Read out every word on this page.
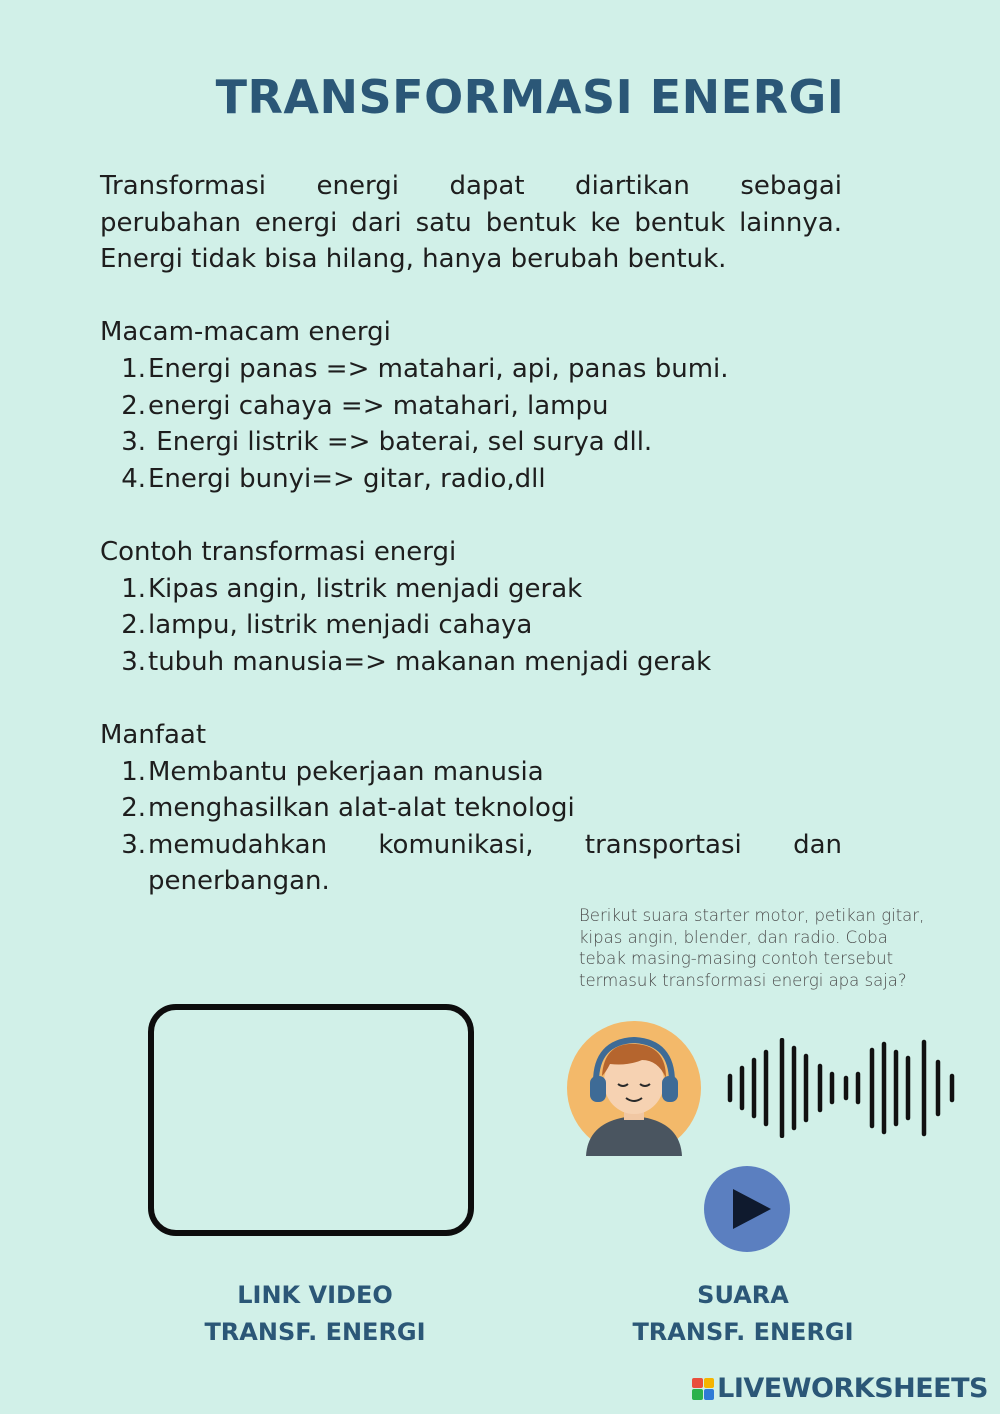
TRANSFORMASI ENERGI

Transformasi energi dapat diartikan sebagai
perubahan energi dari satu bentuk ke bentuk lainnya. Energi tidak bisa hilang, hanya berubah bentuk.

Macam-macam energi
1. Energi panas => matahari, api, panas bumi.
2. energi cahaya => matahari, lampu
3. Energi listrik => baterai, sel surya dll.
4. Energi bunyi=> gitar, radio,dll
Contoh transformasi energi
1. Kipas angin, listrik menjadi gerak
2. lampu, listrik menjadi cahaya
3. tubuh manusia=> makanan menjadi gerak
Manfaat
1. Membantu pekerjaan manusia
2. menghasilkan alat-alat teknologi
3. memudahkan komunikasi, transportasi dan
penerbangan.
Berikut suara starter motor, petikan gitar, kipas angin, blender, dan radio. Coba tebak masing-masing contoh tersebut termasuk transformasi energi apa saja?
LINK VIDEO
TRANSF. ENERGI
SUARA
TRANSF. ENERGI
LIVEWORKSHEETS
